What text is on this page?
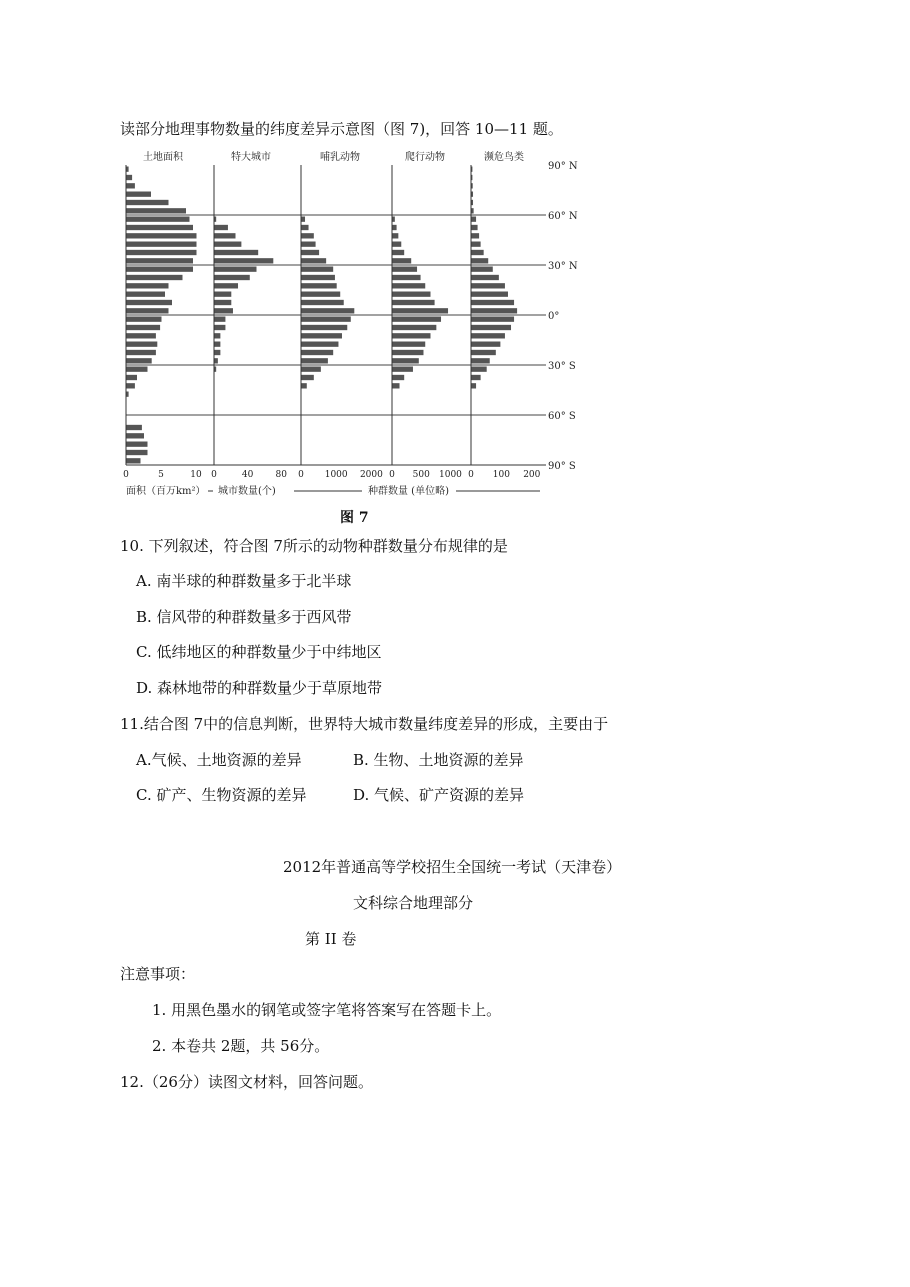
读部分地理事物数量的纬度差异示意图（图 7)，回答 10—11 题。
土地面积	特大城市	哺乳动物	爬行动物	濒危鸟类
0	5	10 0	40 80 0 1000 2000 0 500 1000 0 100 200
90° N
60° N
30° N
0°
30° S
60° S
90° S
面积（百万km²） 城市数量(个)	种群数量 (单位略)
图 7
10. 下列叙述，符合图 7所示的动物种群数量分布规律的是
A. 南半球的种群数量多于北半球
B. 信风带的种群数量多于西风带
C. 低纬地区的种群数量少于中纬地区
D. 森林地带的种群数量少于草原地带
11.结合图 7中的信息判断，世界特大城市数量纬度差异的形成，主要由于
A.气候、土地资源的差异	B. 生物、土地资源的差异
C. 矿产、生物资源的差异	D. 气候、矿产资源的差异
2012年普通高等学校招生全国统一考试（天津卷）
文科综合地理部分
第 II 卷
注意事项：
1. 用黑色墨水的钢笔或签字笔将答案写在答题卡上。
2. 本卷共 2题，共 56分。
12.（26分）读图文材料，回答问题。
